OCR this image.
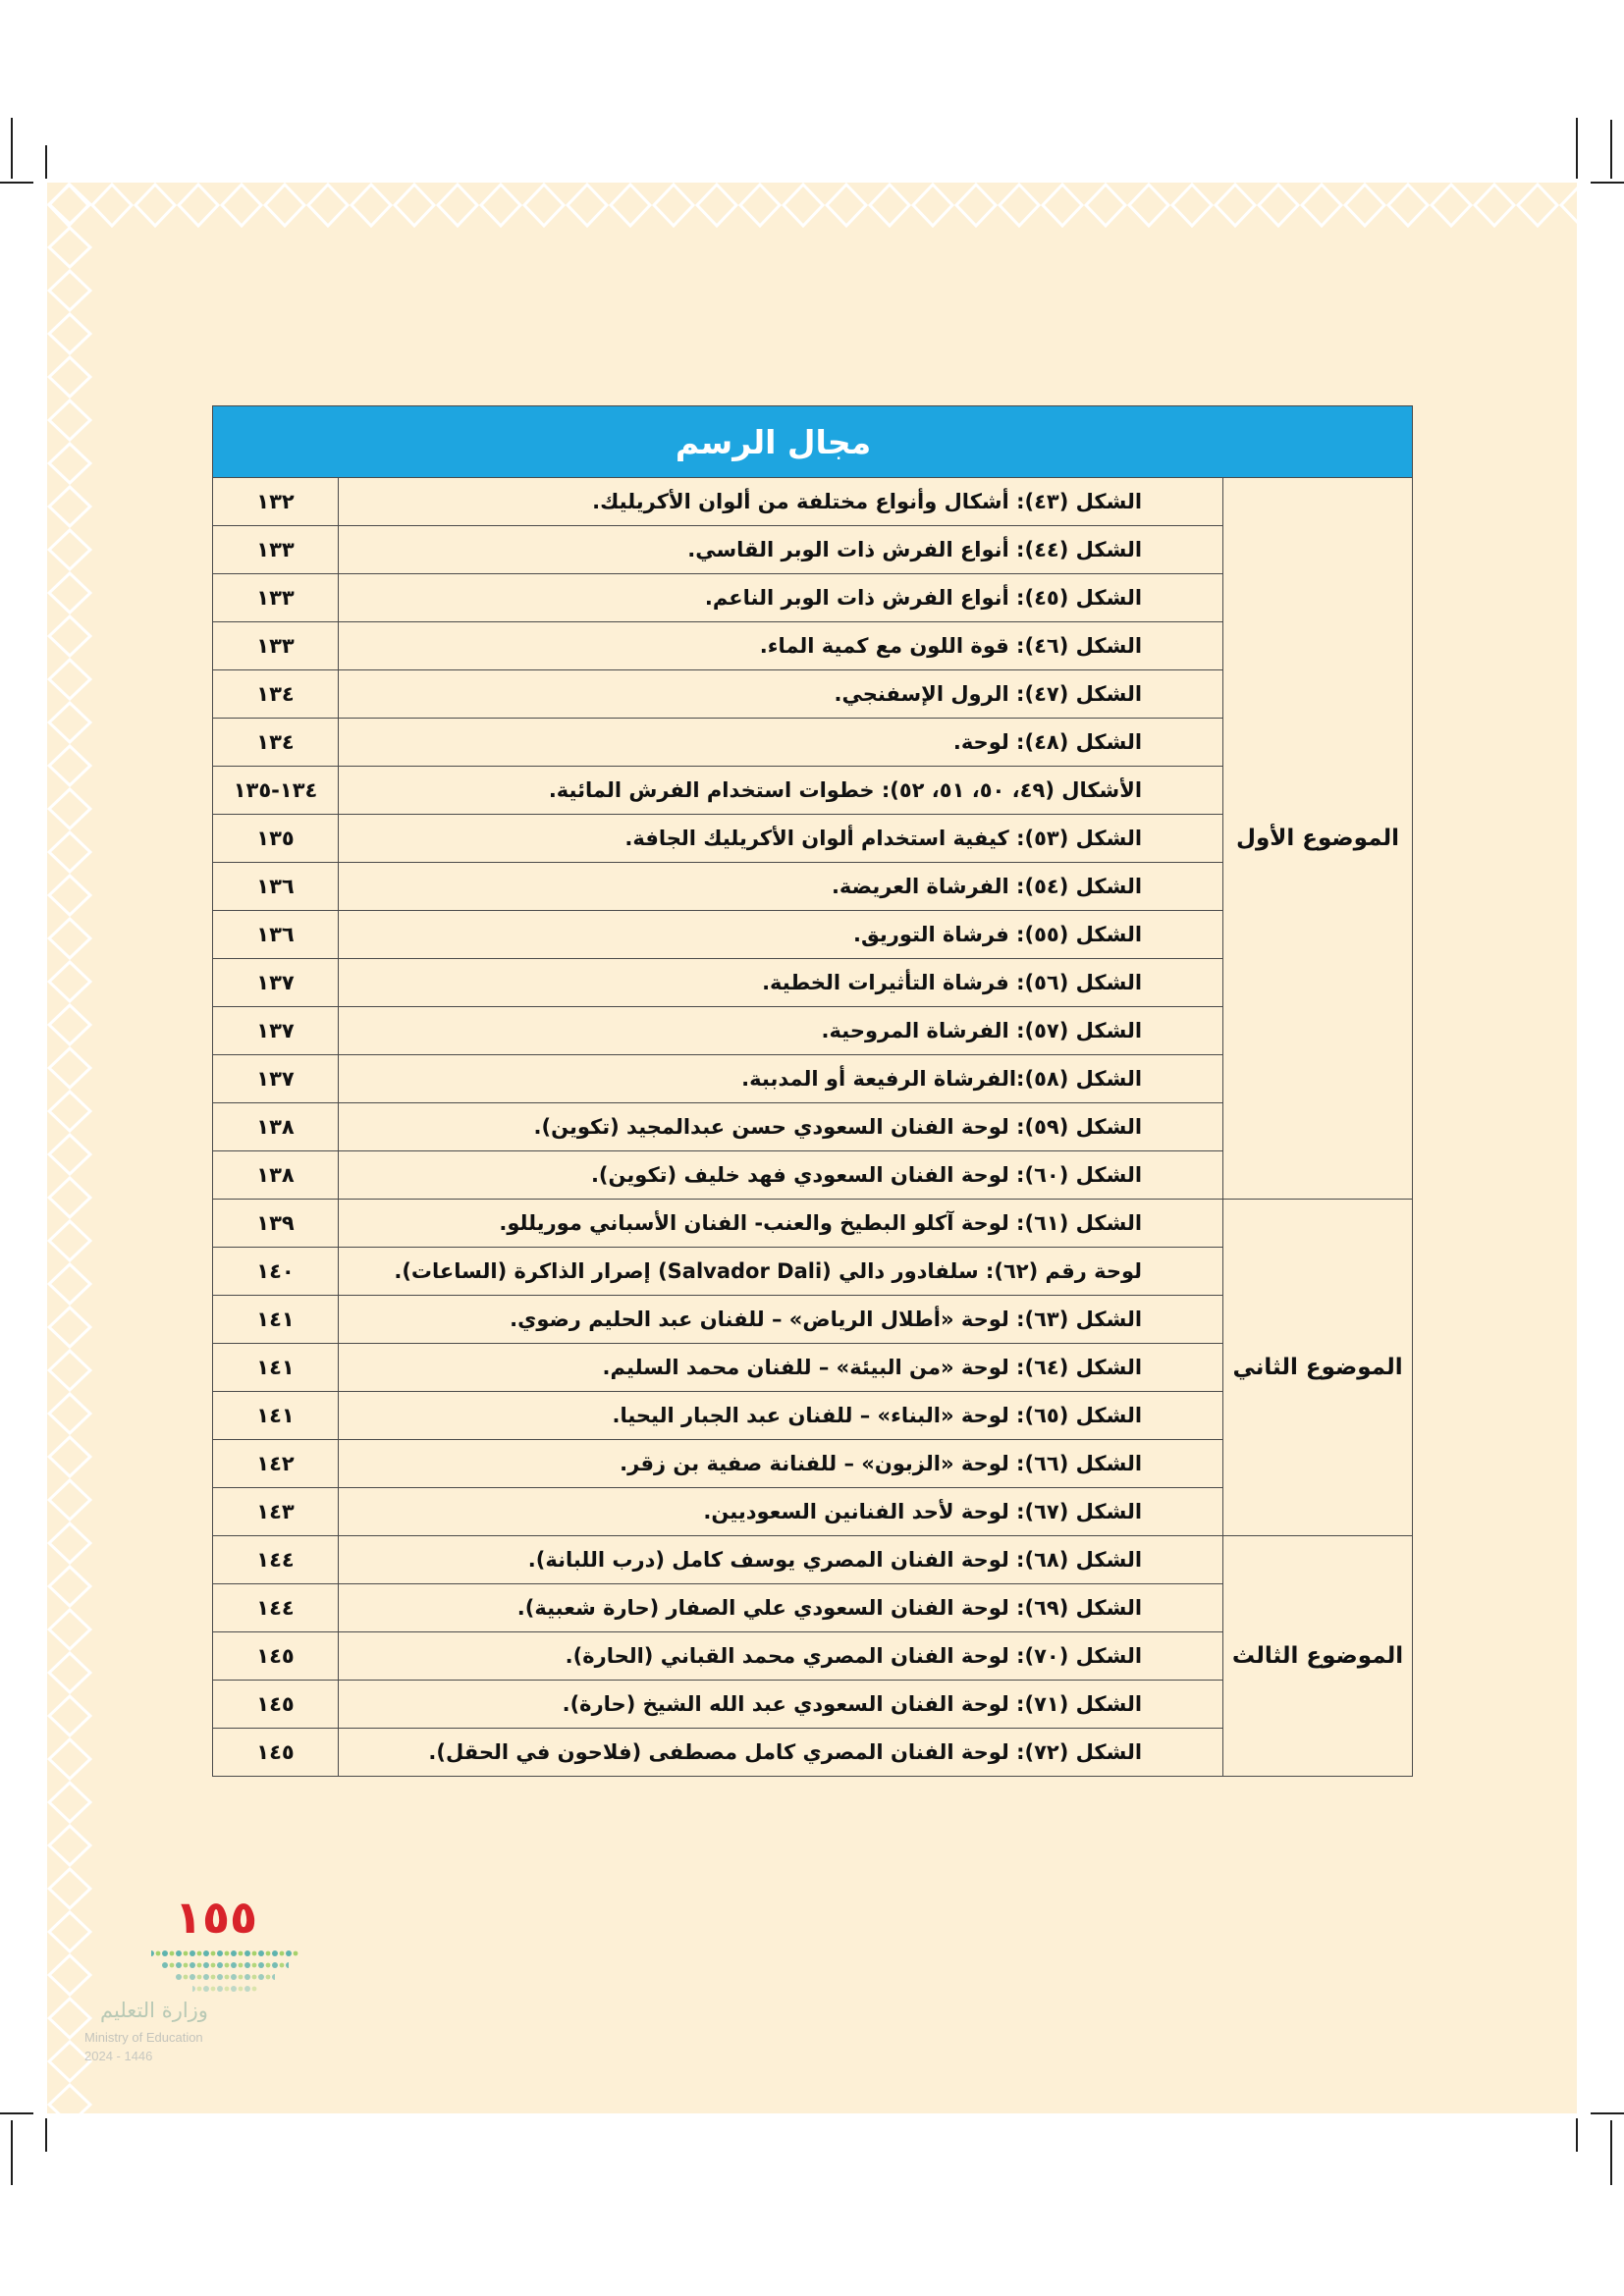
مجال الرسم		
الموضوع الأول	الشكل (٤٣): أشكال وأنواع مختلفة من ألوان الأكريليك.	١٣٢
	الشكل (٤٤): أنواع الفرش ذات الوبر القاسي.	١٣٣
	الشكل (٤٥): أنواع الفرش ذات الوبر الناعم.	١٣٣
	الشكل (٤٦): قوة اللون مع كمية الماء.	١٣٣
	الشكل (٤٧): الرول الإسفنجي.	١٣٤
	الشكل (٤٨): لوحة.	١٣٤
	الأشكال (٤٩، ٥٠، ٥١، ٥٢): خطوات استخدام الفرش المائية.	١٣٤-١٣٥
	الشكل (٥٣): كيفية استخدام ألوان الأكريليك الجافة.	١٣٥
	الشكل (٥٤): الفرشاة العريضة.	١٣٦
	الشكل (٥٥): فرشاة التوريق.	١٣٦
	الشكل (٥٦): فرشاة التأثيرات الخطية.	١٣٧
	الشكل (٥٧): الفرشاة المروحية.	١٣٧
	الشكل (٥٨):الفرشاة الرفيعة أو المدببة.	١٣٧
	الشكل (٥٩): لوحة الفنان السعودي حسن عبدالمجيد (تكوين).	١٣٨
	الشكل (٦٠): لوحة الفنان السعودي فهد خليف (تكوين).	١٣٨
الموضوع الثاني	الشكل (٦١): لوحة آكلو البطيخ والعنب- الفنان الأسباني موريللو.	١٣٩
	لوحة رقم (٦٢): سلفادور دالي (Salvador Dali) إصرار الذاكرة (الساعات).	١٤٠
	الشكل (٦٣): لوحة «أطلال الرياض» – للفنان عبد الحليم رضوي.	١٤١
	الشكل (٦٤): لوحة «من البيئة» – للفنان محمد السليم.	١٤١
	الشكل (٦٥): لوحة «البناء» – للفنان عبد الجبار اليحيا.	١٤١
	الشكل (٦٦): لوحة «الزبون» – للفنانة صفية بن زقر.	١٤٢
	الشكل (٦٧): لوحة لأحد الفنانين السعوديين.	١٤٣
الموضوع الثالث	الشكل (٦٨): لوحة الفنان المصري يوسف كامل (درب اللبانة).	١٤٤
	الشكل (٦٩): لوحة الفنان السعودي علي الصفار (حارة شعبية).	١٤٤
	الشكل (٧٠): لوحة الفنان المصري محمد القباني (الحارة).	١٤٥
	الشكل (٧١): لوحة الفنان السعودي عبد الله الشيخ (حارة).	١٤٥
	الشكل (٧٢): لوحة الفنان المصري كامل مصطفى (فلاحون في الحقل).	١٤٥
١٥٥
وزارة التعليم
Ministry of Education
2024 - 1446
